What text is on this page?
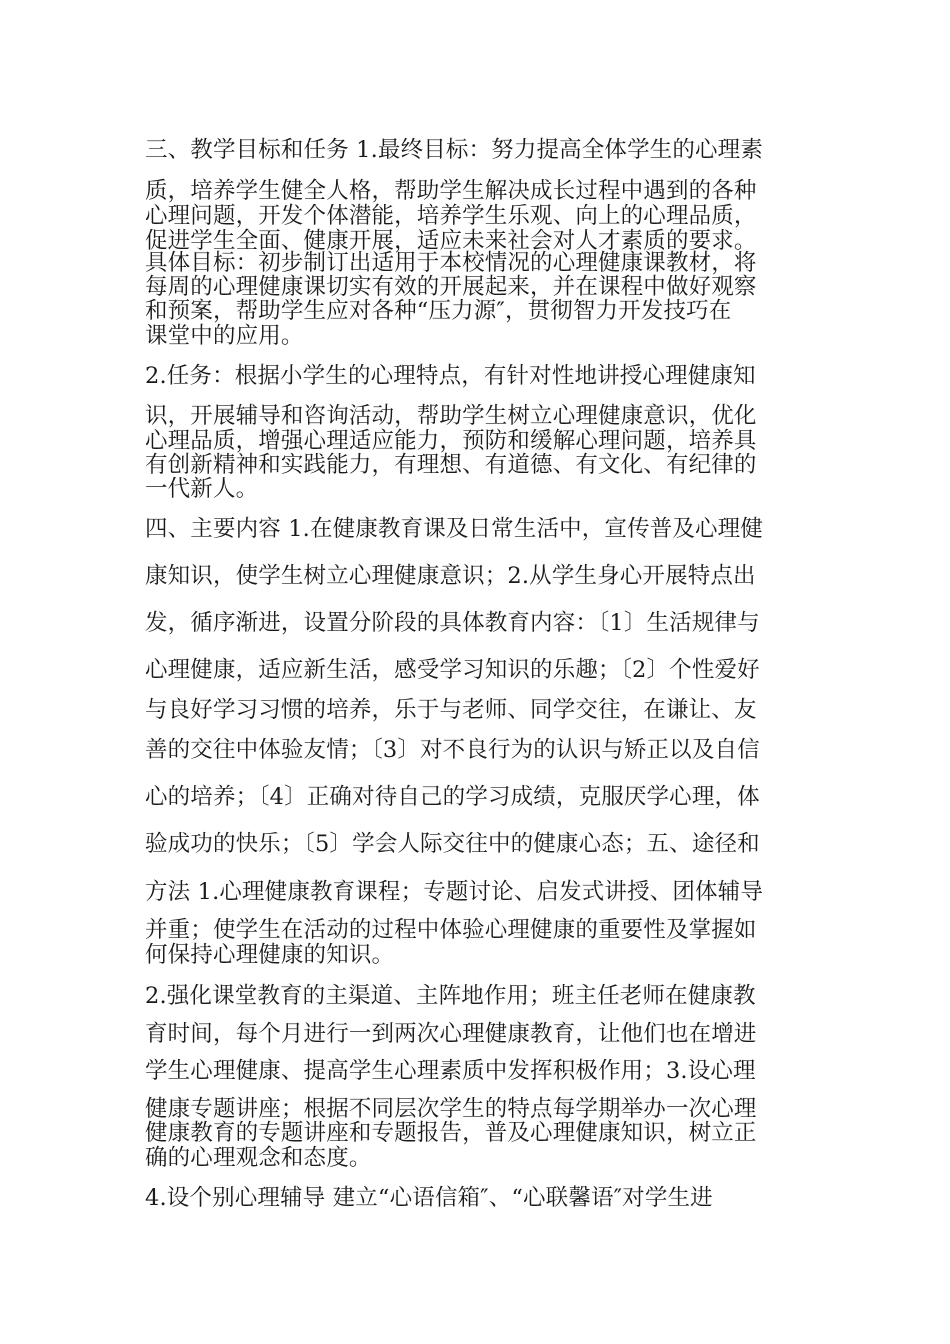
三、教学目标和任务 1.最终目标：努力提高全体学生的心理素

质，培养学生健全人格，帮助学生解决成长过程中遇到的各种

心理问题，开发个体潜能，培养学生乐观、向上的心理品质，

促进学生全面、健康开展，适应未来社会对人才素质的要求。

具体目标：初步制订出适用于本校情况的心理健康课教材，将

每周的心理健康课切实有效的开展起来，并在课程中做好观察

和预案，帮助学生应对各种“压力源″，贯彻智力开发技巧在

课堂中的应用。

2.任务：根据小学生的心理特点，有针对性地讲授心理健康知

识，开展辅导和咨询活动，帮助学生树立心理健康意识，优化

心理品质，增强心理适应能力，预防和缓解心理问题，培养具

有创新精神和实践能力，有理想、有道德、有文化、有纪律的

一代新人。

四、主要内容 1.在健康教育课及日常生活中，宣传普及心理健

康知识，使学生树立心理健康意识；2.从学生身心开展特点出

发，循序渐进，设置分阶段的具体教育内容：〔1〕生活规律与

心理健康，适应新生活，感受学习知识的乐趣；〔2〕个性爱好

与良好学习习惯的培养，乐于与老师、同学交往，在谦让、友

善的交往中体验友情；〔3〕对不良行为的认识与矫正以及自信

心的培养；〔4〕正确对待自己的学习成绩，克服厌学心理，体

验成功的快乐；〔5〕学会人际交往中的健康心态；五、途径和

方法 1.心理健康教育课程；专题讨论、启发式讲授、团体辅导

并重；使学生在活动的过程中体验心理健康的重要性及掌握如

何保持心理健康的知识。

2.强化课堂教育的主渠道、主阵地作用；班主任老师在健康教

育时间，每个月进行一到两次心理健康教育，让他们也在增进

学生心理健康、提高学生心理素质中发挥积极作用；3.设心理

健康专题讲座；根据不同层次学生的特点每学期举办一次心理

健康教育的专题讲座和专题报告，普及心理健康知识，树立正

确的心理观念和态度。

4.设个别心理辅导 建立“心语信箱″、“心联馨语″对学生进
